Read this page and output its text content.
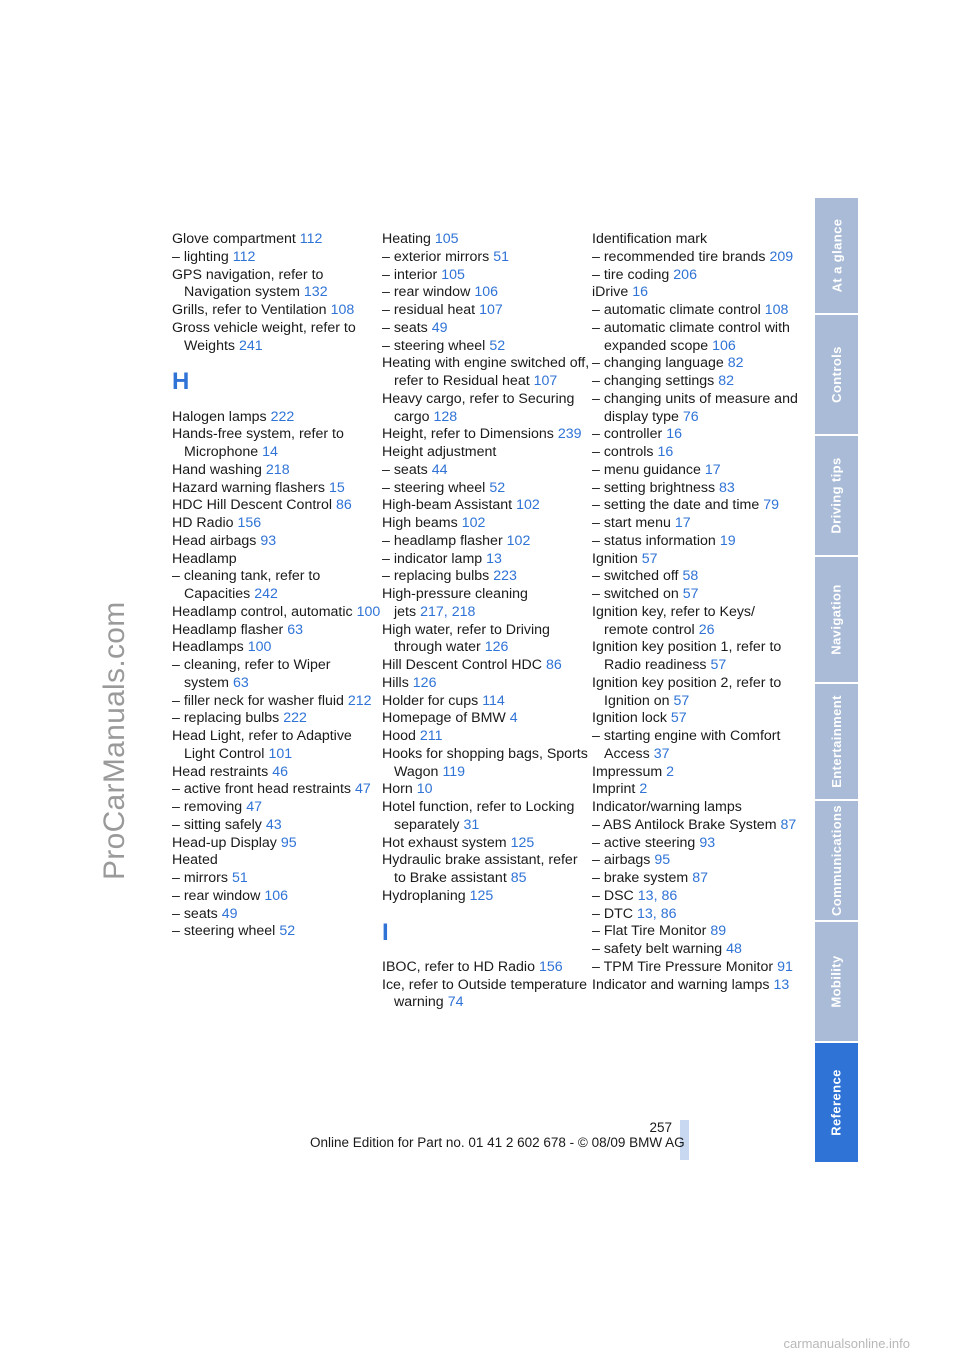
ProCarManuals.com

Glove compartment 112

– lighting 112

GPS navigation, refer to Navigation system 132

Grills, refer to Ventilation 108

Gross vehicle weight, refer to Weights 241

H

Halogen lamps 222

Hands-free system, refer to Microphone 14

Hand washing 218

Hazard warning flashers 15

HDC Hill Descent Control 86

HD Radio 156

Head airbags 93

Headlamp

– cleaning tank, refer to Capacities 242

Headlamp control, automatic 100

Headlamp flasher 63

Headlamps 100

– cleaning, refer to Wiper system 63

– filler neck for washer fluid 212

– replacing bulbs 222

Head Light, refer to Adaptive Light Control 101

Head restraints 46

– active front head restraints 47

– removing 47

– sitting safely 43

Head-up Display 95

Heated

– mirrors 51

– rear window 106

– seats 49

– steering wheel 52

Heating 105

– exterior mirrors 51

– interior 105

– rear window 106

– residual heat 107

– seats 49

– steering wheel 52

Heating with engine switched off, refer to Residual heat 107

Heavy cargo, refer to Securing cargo 128

Height, refer to Dimensions 239

Height adjustment

– seats 44

– steering wheel 52

High-beam Assistant 102

High beams 102

– headlamp flasher 102

– indicator lamp 13

– replacing bulbs 223

High-pressure cleaning jets 217, 218

High water, refer to Driving through water 126

Hill Descent Control HDC 86

Hills 126

Holder for cups 114

Homepage of BMW 4

Hood 211

Hooks for shopping bags, Sports Wagon 119

Horn 10

Hotel function, refer to Locking separately 31

Hot exhaust system 125

Hydraulic brake assistant, refer to Brake assistant 85

Hydroplaning 125

I

IBOC, refer to HD Radio 156

Ice, refer to Outside temperature warning 74

Identification mark

– recommended tire brands 209

– tire coding 206

iDrive 16

– automatic climate control 108

– automatic climate control with expanded scope 106

– changing language 82

– changing settings 82

– changing units of measure and display type 76

– controller 16

– controls 16

– menu guidance 17

– setting brightness 83

– setting the date and time 79

– start menu 17

– status information 19

Ignition 57

– switched off 58

– switched on 57

Ignition key, refer to Keys/ remote control 26

Ignition key position 1, refer to Radio readiness 57

Ignition key position 2, refer to Ignition on 57

Ignition lock 57

– starting engine with Comfort Access 37

Impressum 2

Imprint 2

Indicator/warning lamps

– ABS Antilock Brake System 87

– active steering 93

– airbags 95

– brake system 87

– DSC 13, 86

– DTC 13, 86

– Flat Tire Monitor 89

– safety belt warning 48

– TPM Tire Pressure Monitor 91

Indicator and warning lamps 13

At a glance
Controls
Driving tips
Navigation
Entertainment
Communications
Mobility
Reference
257
Online Edition for Part no. 01 41 2 602 678 - © 08/09 BMW AG
carmanualsonline.info
